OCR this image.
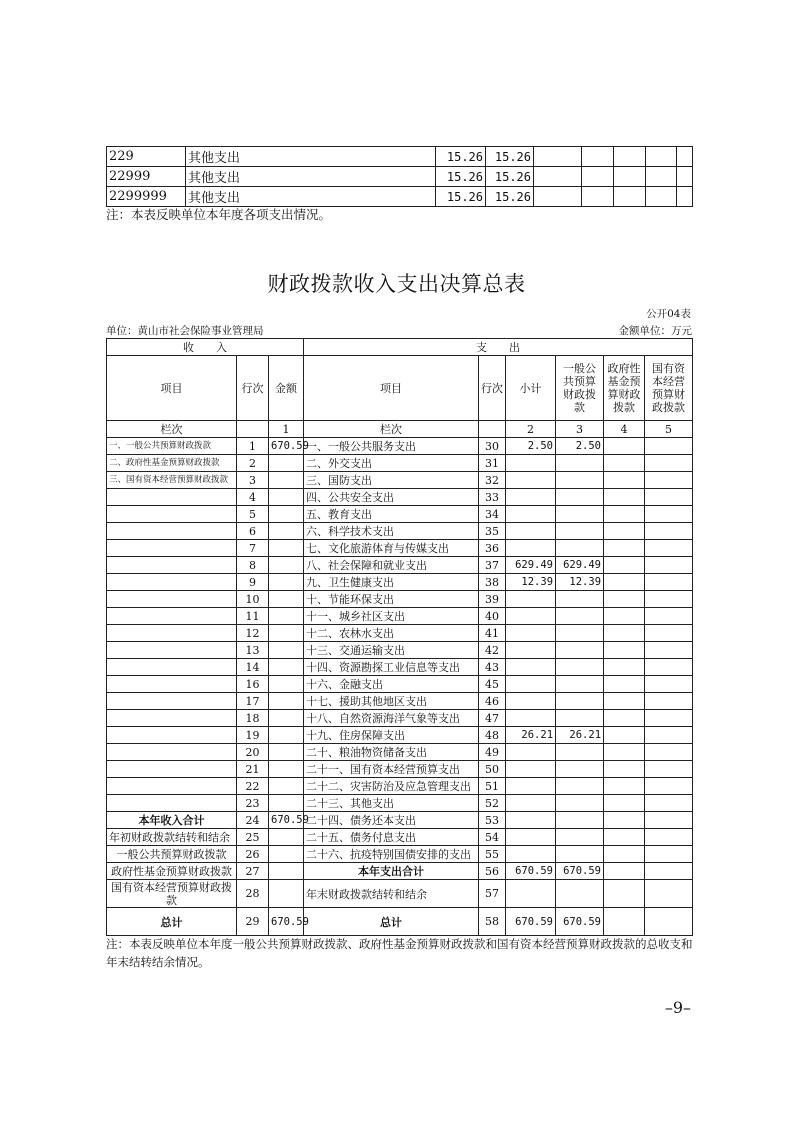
229	其他支出	15.26	15.26					
22999	其他支出	15.26	15.26					
2299999	其他支出	15.26	15.26					
注：本表反映单位本年度各项支出情况。
财政拨款收入支出决算总表
公开04表
单位：黄山市社会保险事业管理局	金额单位：万元
收　　入			支　　出					
项目	行次	金额	项目	行次	小计	一般公共预算财政拨款	政府性基金预算财政拨款	国有资本经营预算财政拨款
栏次		1	栏次		2	3	4	5
一、一般公共预算财政拨款	1	670.59	一、一般公共服务支出	30	2.50	2.50		
二、政府性基金预算财政拨款	2		二、外交支出	31				
三、国有资本经营预算财政拨款	3		三、国防支出	32				
	4		四、公共安全支出	33				
	5		五、教育支出	34				
	6		六、科学技术支出	35				
	7		七、文化旅游体育与传媒支出	36				
	8		八、社会保障和就业支出	37	629.49	629.49		
	9		九、卫生健康支出	38	12.39	12.39		
	10		十、节能环保支出	39				
	11		十一、城乡社区支出	40				
	12		十二、农林水支出	41				
	13		十三、交通运输支出	42				
	14		十四、资源勘探工业信息等支出	43				
	16		十六、金融支出	45				
	17		十七、援助其他地区支出	46				
	18		十八、自然资源海洋气象等支出	47				
	19		十九、住房保障支出	48	26.21	26.21		
	20		二十、粮油物资储备支出	49				
	21		二十一、国有资本经营预算支出	50				
	22		二十二、灾害防治及应急管理支出	51				
	23		二十三、其他支出	52				
本年收入合计	24	670.59	二十四、债务还本支出	53				
年初财政拨款结转和结余	25		二十五、债务付息支出	54				
一般公共预算财政拨款	26		二十六、抗疫特别国债安排的支出	55				
政府性基金预算财政拨款	27		本年支出合计	56	670.59	670.59		
国有资本经营预算财政拨款	28		年末财政拨款结转和结余	57				
总计	29	670.59	总计	58	670.59	670.59		
注：本表反映单位本年度一般公共预算财政拨款、政府性基金预算财政拨款和国有资本经营预算财政拨款的总收支和年末结转结余情况。
–9–
